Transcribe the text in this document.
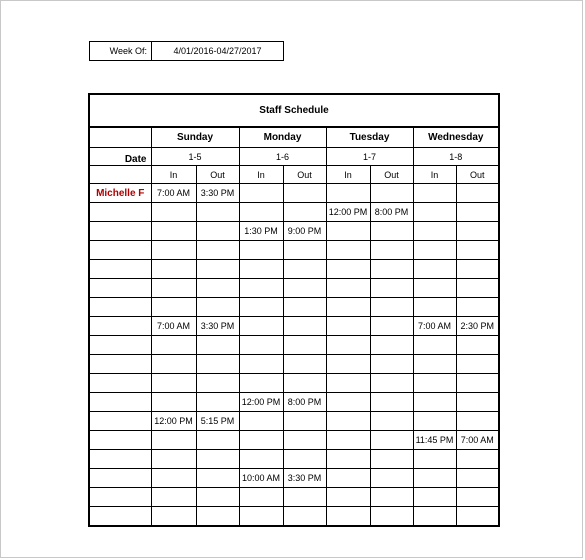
Week Of:	4/01/2016-04/27/2017
Staff Schedule								
	Sunday		Monday		Tuesday		Wednesday	
Date	1-5		1-6		1-7		1-8	
	In	Out	In	Out	In	Out	In	Out
Michelle F	7:00 AM	3:30 PM						
					12:00 PM	8:00 PM		
			1:30 PM	9:00 PM				

	7:00 AM	3:30 PM					7:00 AM	2:30 PM

			12:00 PM	8:00 PM				
	12:00 PM	5:15 PM						
							11:45 PM	7:00 AM

			10:00 AM	3:30 PM				
